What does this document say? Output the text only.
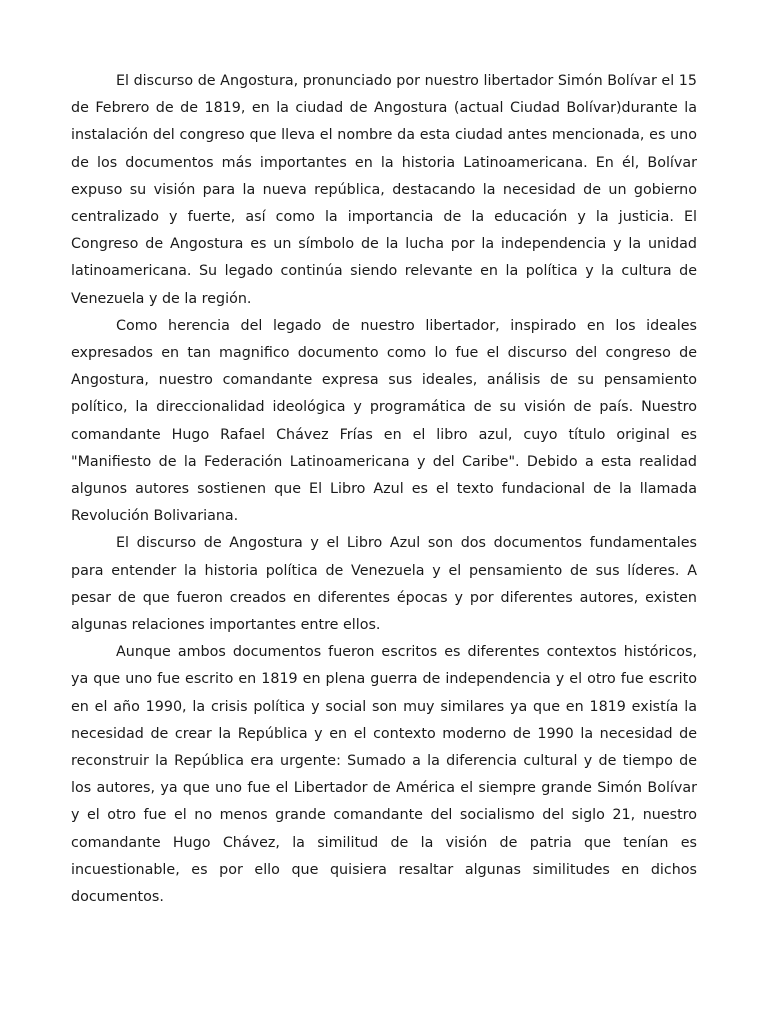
El discurso de Angostura, pronunciado por nuestro libertador Simón Bolívar el 15 de Febrero de de 1819, en la ciudad de Angostura (actual Ciudad Bolívar)durante la instalación del congreso que lleva el nombre da esta ciudad antes mencionada, es uno de los documentos más importantes en la historia Latinoamericana. En él, Bolívar expuso su visión para la nueva república, destacando la necesidad de un gobierno centralizado y fuerte, así como la importancia de la educación y la justicia. El Congreso de Angostura es un símbolo de la lucha por la independencia y la unidad latinoamericana. Su legado continúa siendo relevante en la política y la cultura de Venezuela y de la región.

Como herencia del legado de nuestro libertador, inspirado en los ideales expresados en tan magnifico documento como lo fue el discurso del congreso de Angostura, nuestro comandante expresa sus ideales, análisis de su pensamiento político, la direccionalidad ideológica y programática de su visión de país. Nuestro comandante Hugo Rafael Chávez Frías en el libro azul, cuyo título original es "Manifiesto de la Federación Latinoamericana y del Caribe". Debido a esta realidad algunos autores sostienen que El Libro Azul es el texto fundacional de la llamada Revolución Bolivariana.

El discurso de Angostura y el Libro Azul son dos documentos fundamentales para entender la historia política de Venezuela y el pensamiento de sus líderes. A pesar de que fueron creados en diferentes épocas y por diferentes autores, existen algunas relaciones importantes entre ellos.

Aunque ambos documentos fueron escritos es diferentes contextos históricos, ya que uno fue escrito en 1819 en plena guerra de independencia y el otro fue escrito en el año 1990, la crisis política y social son muy similares ya que en 1819 existía la necesidad de crear la República y en el contexto moderno de 1990 la necesidad de reconstruir la República era urgente: Sumado a la diferencia cultural y de tiempo de los autores, ya que uno fue el Libertador de América el siempre grande Simón Bolívar y el otro fue el no menos grande comandante del socialismo del siglo 21, nuestro comandante Hugo Chávez, la similitud de la visión de patria que tenían es incuestionable, es por ello que quisiera resaltar algunas similitudes en dichos documentos.
